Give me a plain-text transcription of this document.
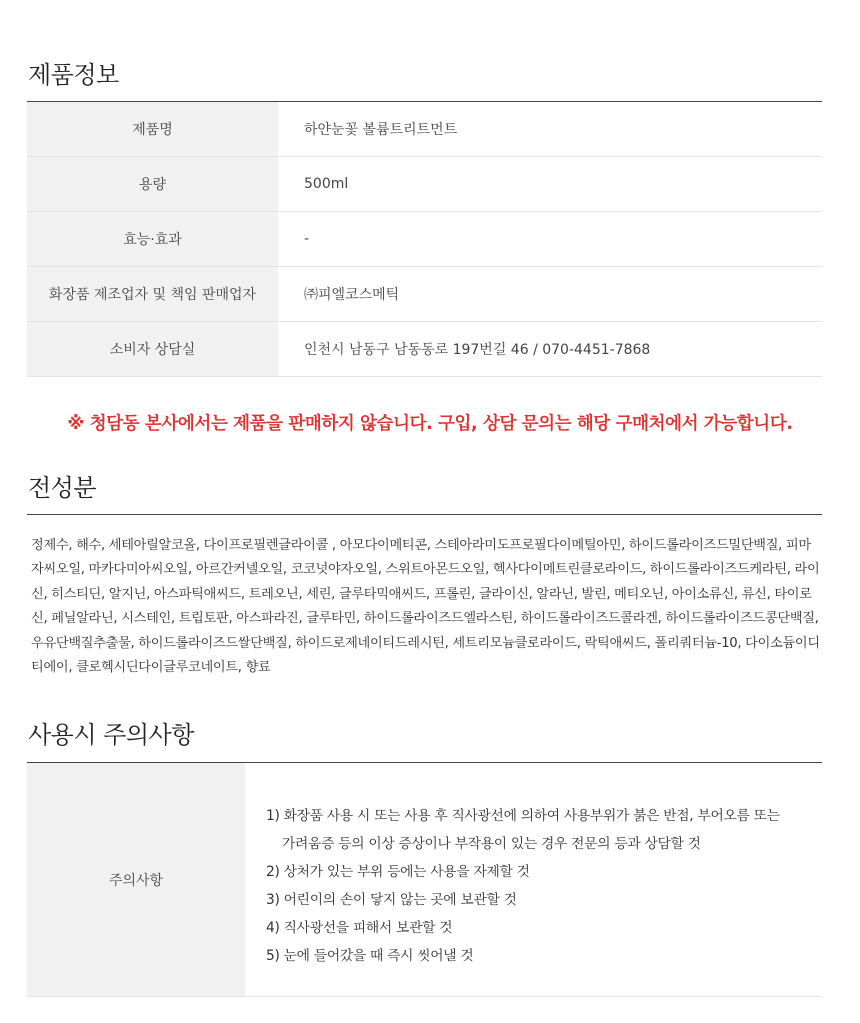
제품정보
제품명	하얀눈꽃 볼륨트리트먼트
용량	500ml
효능·효과	-
화장품 제조업자 및 책임 판매업자	㈜피엘코스메틱
소비자 상담실	인천시 남동구 남동동로 197번길 46 / 070-4451-7868
※ 청담동 본사에서는 제품을 판매하지 않습니다. 구입, 상담 문의는 해당 구매처에서 가능합니다.
전성분
정제수, 해수, 세테아릴알코올, 다이프로필렌글라이콜 , 아모다이메티콘, 스테아라미도프로필다이메틸아민, 하이드롤라이즈드밀단백질, 피마자씨오일, 마카다미아씨오일, 아르간커넬오일, 코코넛야자오일, 스위트아몬드오일, 헥사다이메트린클로라이드, 하이드롤라이즈드케라틴, 라이신, 히스티딘, 알지닌, 아스파틱애씨드, 트레오닌, 세린, 글루타믹애씨드, 프롤린, 글라이신, 알라닌, 발린, 메티오닌, 아이소류신, 류신, 타이로신, 페닐알라닌, 시스테인, 트립토판, 아스파라진, 글루타민, 하이드롤라이즈드엘라스틴, 하이드롤라이즈드콜라겐, 하이드롤라이즈드콩단백질, 우유단백질추출물, 하이드롤라이즈드쌀단백질, 하이드로제네이티드레시틴, 세트리모늄클로라이드, 락틱애씨드, 폴리쿼터늄-10, 다이소듐이디티에이, 클로헥시딘다이글루코네이트, 향료
사용시 주의사항
주의사항
1) 화장품 사용 시 또는 사용 후 직사광선에 의하여 사용부위가 붉은 반점, 부어오름 또는
가려움증 등의 이상 증상이나 부작용이 있는 경우 전문의 등과 상담할 것
2) 상처가 있는 부위 등에는 사용을 자제할 것
3) 어린이의 손이 닿지 않는 곳에 보관할 것
4) 직사광선을 피해서 보관할 것
5) 눈에 들어갔을 때 즉시 씻어낼 것
